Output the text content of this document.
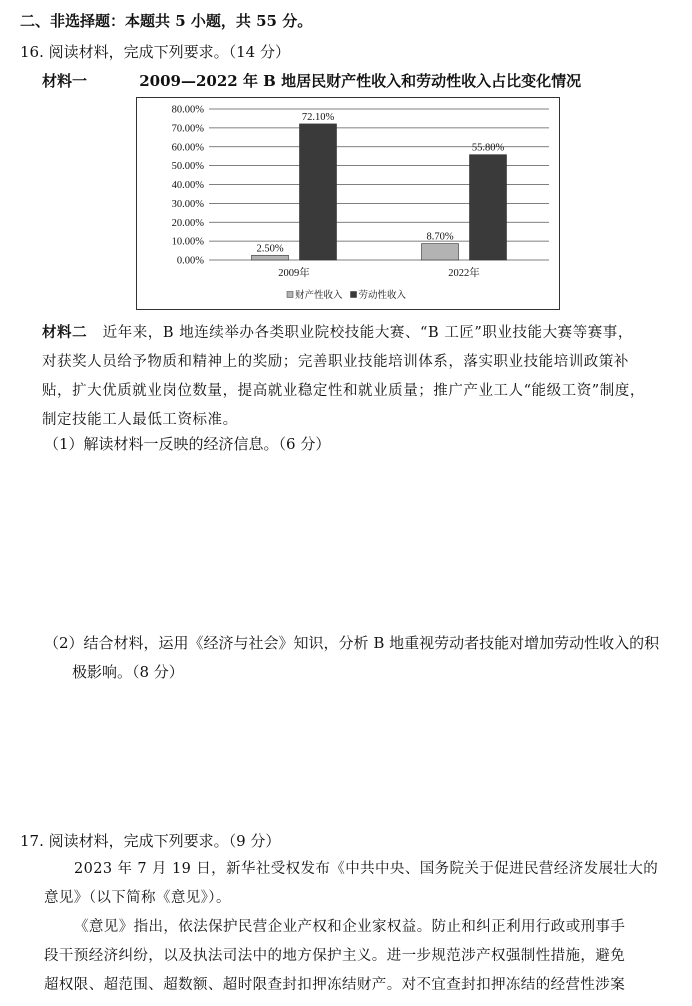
二、非选择题：本题共 5 小题，共 55 分。
16. 阅读材料，完成下列要求。（14 分）
材料一	2009—2022 年 B 地居民财产性收入和劳动性收入占比变化情况
0.00%
10.00%
20.00%
30.00%
40.00%
50.00%
60.00%
70.00%
80.00%
2.50%
72.10%
2009年
8.70%
55.80%
2022年
财产性收入 劳动性收入
材料二 近年来，B 地连续举办各类职业院校技能大赛、“B 工匠”职业技能大赛等赛事，
对获奖人员给予物质和精神上的奖励；完善职业技能培训体系，落实职业技能培训政策补
贴，扩大优质就业岗位数量，提高就业稳定性和就业质量；推广产业工人“能级工资”制度，
制定技能工人最低工资标准。
（1）解读材料一反映的经济信息。（6 分）
（2）结合材料，运用《经济与社会》知识，分析 B 地重视劳动者技能对增加劳动性收入的积
极影响。（8 分）
17. 阅读材料，完成下列要求。（9 分）
2023 年 7 月 19 日，新华社受权发布《中共中央、国务院关于促进民营经济发展壮大的
意见》（以下简称《意见》）。
《意见》指出，依法保护民营企业产权和企业家权益。防止和纠正利用行政或刑事手
段干预经济纠纷，以及执法司法中的地方保护主义。进一步规范涉产权强制性措施，避免
超权限、超范围、超数额、超时限查封扣押冻结财产。对不宜查封扣押冻结的经营性涉案
